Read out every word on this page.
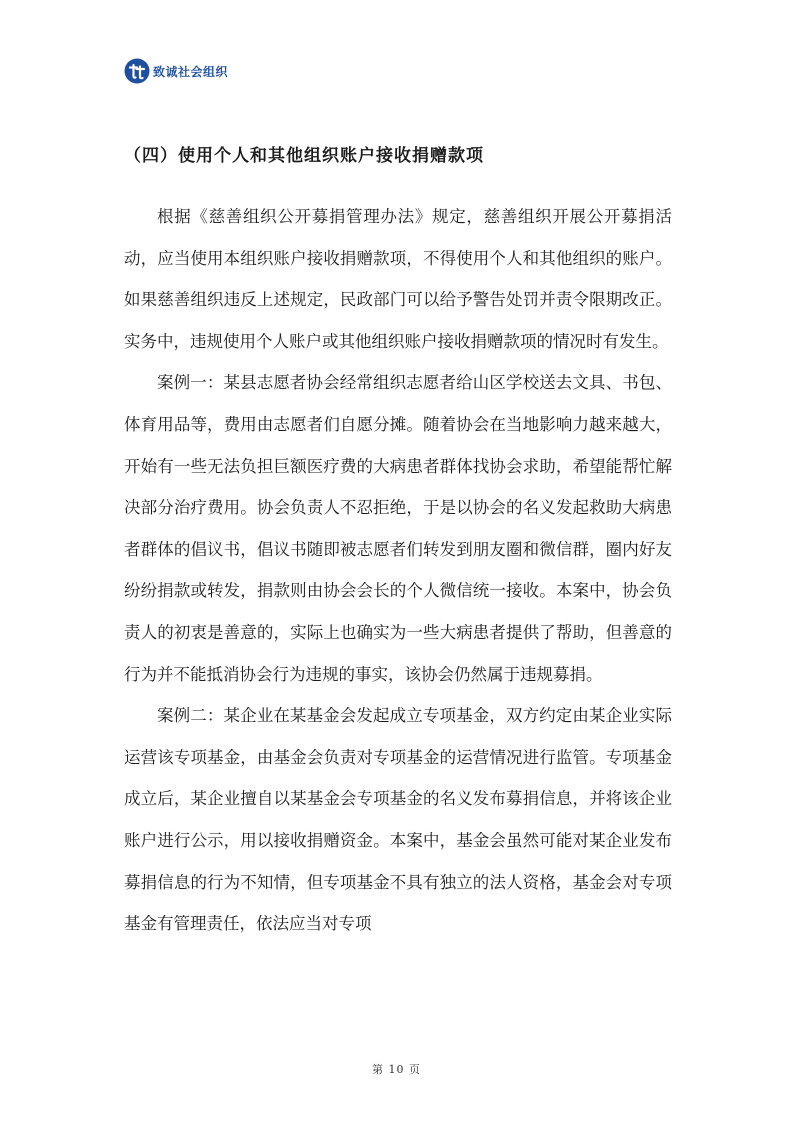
致诚社会组织
（四）使用个人和其他组织账户接收捐赠款项

根据《慈善组织公开募捐管理办法》规定，慈善组织开展公开募捐活动，应当使用本组织账户接收捐赠款项，不得使用个人和其他组织的账户。如果慈善组织违反上述规定，民政部门可以给予警告处罚并责令限期改正。实务中，违规使用个人账户或其他组织账户接收捐赠款项的情况时有发生。

案例一：某县志愿者协会经常组织志愿者给山区学校送去文具、书包、体育用品等，费用由志愿者们自愿分摊。随着协会在当地影响力越来越大，开始有一些无法负担巨额医疗费的大病患者群体找协会求助，希望能帮忙解决部分治疗费用。协会负责人不忍拒绝，于是以协会的名义发起救助大病患者群体的倡议书，倡议书随即被志愿者们转发到朋友圈和微信群，圈内好友纷纷捐款或转发，捐款则由协会会长的个人微信统一接收。本案中，协会负责人的初衷是善意的，实际上也确实为一些大病患者提供了帮助，但善意的行为并不能抵消协会行为违规的事实，该协会仍然属于违规募捐。

案例二：某企业在某基金会发起成立专项基金，双方约定由某企业实际运营该专项基金，由基金会负责对专项基金的运营情况进行监管。专项基金成立后，某企业擅自以某基金会专项基金的名义发布募捐信息，并将该企业账户进行公示，用以接收捐赠资金。本案中，基金会虽然可能对某企业发布募捐信息的行为不知情，但专项基金不具有独立的法人资格，基金会对专项基金有管理责任，依法应当对专项

第 10 页
